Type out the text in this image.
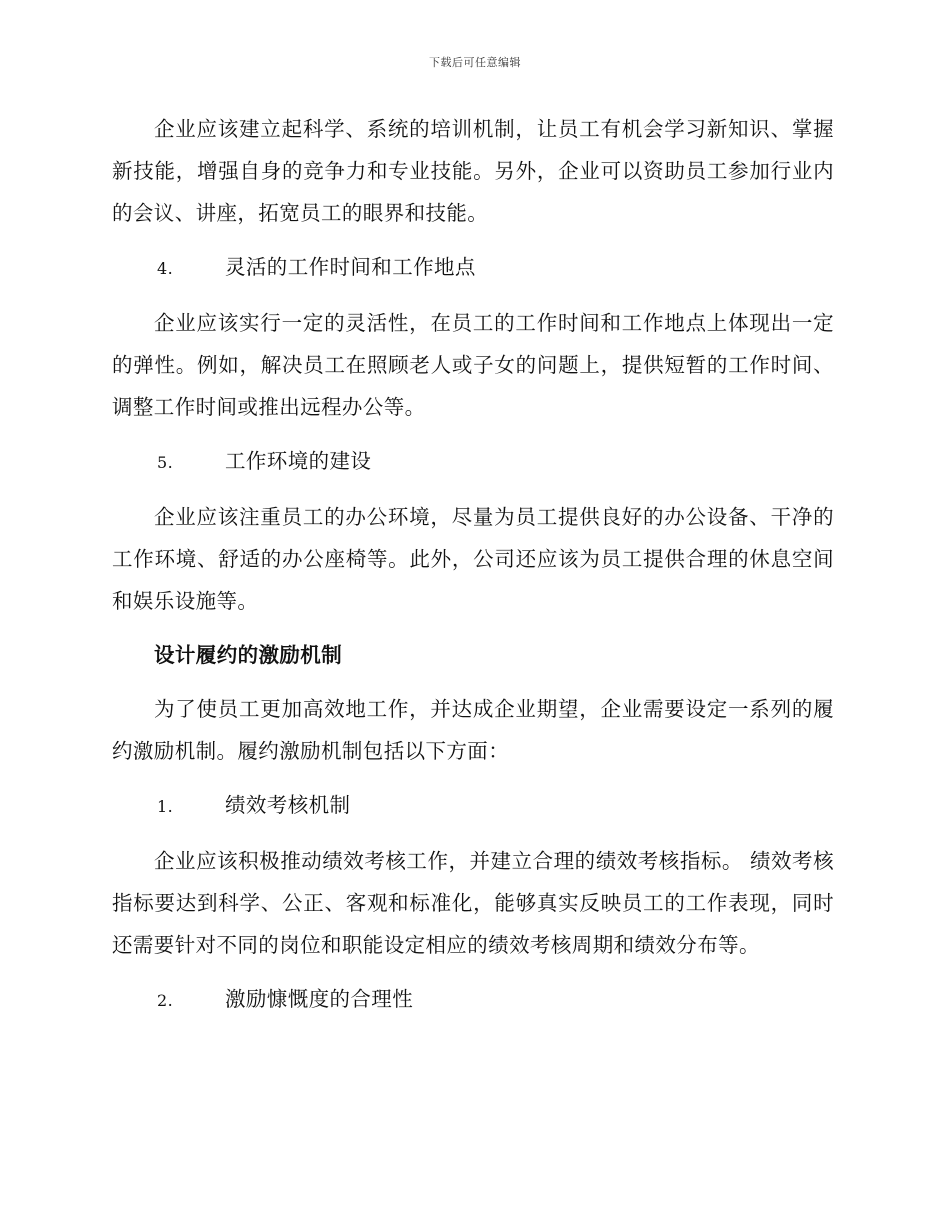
下载后可任意编辑

企业应该建立起科学、系统的培训机制，让员工有机会学习新知识、掌握新技能，增强自身的竞争力和专业技能。另外，企业可以资助员工参加行业内的会议、讲座，拓宽员工的眼界和技能。

4.	灵活的工作时间和工作地点

企业应该实行一定的灵活性，在员工的工作时间和工作地点上体现出一定的弹性。例如，解决员工在照顾老人或子女的问题上，提供短暂的工作时间、调整工作时间或推出远程办公等。

5.	工作环境的建设

企业应该注重员工的办公环境，尽量为员工提供良好的办公设备、干净的工作环境、舒适的办公座椅等。此外，公司还应该为员工提供合理的休息空间和娱乐设施等。

设计履约的激励机制

为了使员工更加高效地工作，并达成企业期望，企业需要设定一系列的履约激励机制。履约激励机制包括以下方面：

1.	绩效考核机制

企业应该积极推动绩效考核工作，并建立合理的绩效考核指标。 绩效考核指标要达到科学、公正、客观和标准化，能够真实反映员工的工作表现，同时还需要针对不同的岗位和职能设定相应的绩效考核周期和绩效分布等。

2.	激励慷慨度的合理性
